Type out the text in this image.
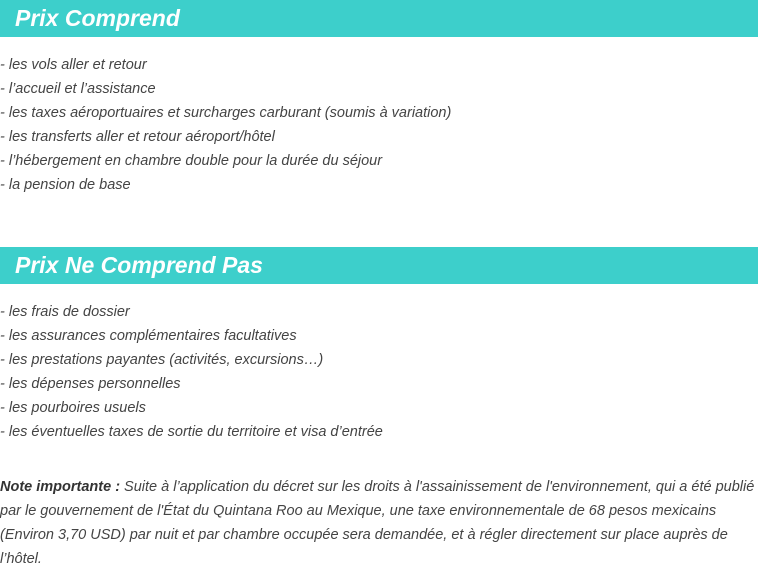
Prix Comprend
- les vols aller et retour
- l’accueil et l’assistance
- les taxes aéroportuaires et surcharges carburant (soumis à variation)
- les transferts aller et retour aéroport/hôtel
- l’hébergement en chambre double pour la durée du séjour
- la pension de base
Prix Ne Comprend Pas
- les frais de dossier
- les assurances complémentaires facultatives
- les prestations payantes (activités, excursions…)
- les dépenses personnelles
- les pourboires usuels
- les éventuelles taxes de sortie du territoire et visa d’entrée

Note importante : Suite à l’application du décret sur les droits à l'assainissement de l'environnement, qui a été publié par le gouvernement de l'État du Quintana Roo au Mexique, une taxe environnementale de 68 pesos mexicains (Environ 3,70 USD) par nuit et par chambre occupée sera demandée, et à régler directement sur place auprès de l’hôtel.
